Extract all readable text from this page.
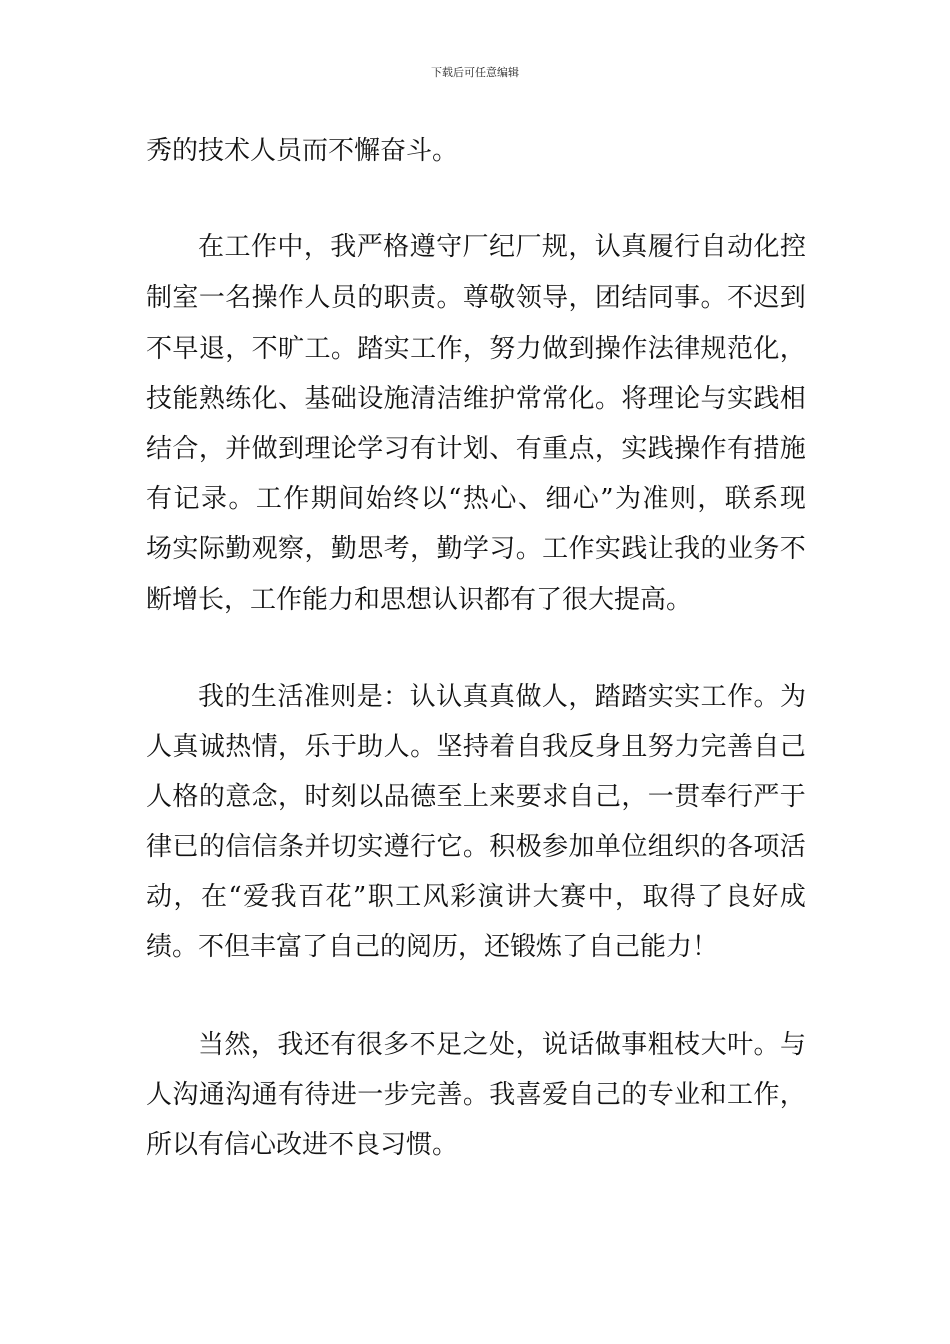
下载后可任意编辑
秀的技术人员而不懈奋斗。
在 工 作 中 ， 我 严 格 遵 守 厂 纪 厂 规 ， 认 真 履 行 自 动 化 控
制 室 一 名 操 作 人 员 的 职 责 。 尊 敬 领 导 ， 团 结 同 事 。 不 迟 到
不 早 退 ， 不 旷 工 。 踏 实 工 作 ， 努 力 做 到 操 作 法 律 规 范 化 ，
技 能 熟 练 化 、 基 础 设 施 清 洁 维 护 常 常 化 。 将 理 论 与 实 践 相
结 合 ， 并 做 到 理 论 学 习 有 计 划 、 有 重 点 ， 实 践 操 作 有 措 施
有 记 录 。 工 作 期 间 始 终 以 “ 热 心 、 细 心 ” 为 准 则 ， 联 系 现
场 实 际 勤 观 察 ， 勤 思 考 ， 勤 学 习 。 工 作 实 践 让 我 的 业 务 不
断增长，工作能力和思想认识都有了很大提高。
我 的 生 活 准 则 是 ： 认 认 真 真 做 人 ， 踏 踏 实 实 工 作 。 为
人 真 诚 热 情 ， 乐 于 助 人 。 坚 持 着 自 我 反 身 且 努 力 完 善 自 己
人 格 的 意 念 ， 时 刻 以 品 德 至 上 来 要 求 自 己 ， 一 贯 奉 行 严 于
律 已 的 信 信 条 并 切 实 遵 行 它 。 积 极 参 加 单 位 组 织 的 各 项 活
动 ， 在 “ 爱 我 百 花 ” 职 工 风 彩 演 讲 大 赛 中 ， 取 得 了 良 好 成
绩。不但丰富了自己的阅历，还锻炼了自己能力！
当 然 ， 我 还 有 很 多 不 足 之 处 ， 说 话 做 事 粗 枝 大 叶 。 与
人 沟 通 沟 通 有 待 进 一 步 完 善 。 我 喜 爱 自 己 的 专 业 和 工 作 ，
所以有信心改进不良习惯。
